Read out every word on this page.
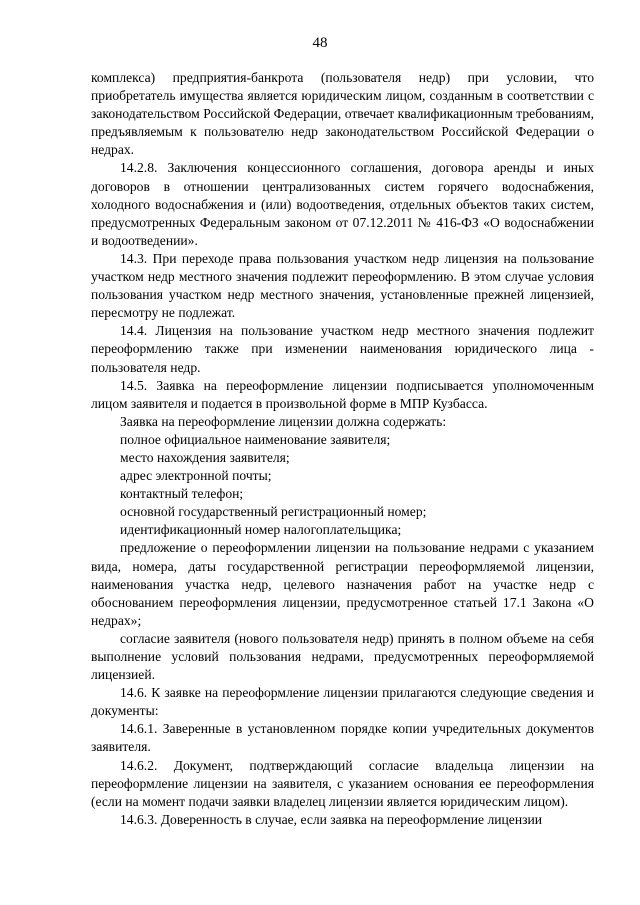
48

комплекса) предприятия-банкрота (пользователя недр) при условии, что приобретатель имущества является юридическим лицом, созданным в соответствии с законодательством Российской Федерации, отвечает квалификационным требованиям, предъявляемым к пользователю недр законодательством Российской Федерации о недрах.

14.2.8. Заключения концессионного соглашения, договора аренды и иных договоров в отношении централизованных систем горячего водоснабжения, холодного водоснабжения и (или) водоотведения, отдельных объектов таких систем, предусмотренных Федеральным законом от 07.12.2011 № 416-ФЗ «О водоснабжении и водоотведении».

14.3. При переходе права пользования участком недр лицензия на пользование участком недр местного значения подлежит переоформлению. В этом случае условия пользования участком недр местного значения, установленные прежней лицензией, пересмотру не подлежат.

14.4. Лицензия на пользование участком недр местного значения подлежит переоформлению также при изменении наименования юридического лица - пользователя недр.

14.5. Заявка на переоформление лицензии подписывается уполномоченным лицом заявителя и подается в произвольной форме в МПР Кузбасса.

Заявка на переоформление лицензии должна содержать:

полное официальное наименование заявителя;

место нахождения заявителя;

адрес электронной почты;

контактный телефон;

основной государственный регистрационный номер;

идентификационный номер налогоплательщика;

предложение о переоформлении лицензии на пользование недрами с указанием вида, номера, даты государственной регистрации переоформляемой лицензии, наименования участка недр, целевого назначения работ на участке недр с обоснованием переоформления лицензии, предусмотренное статьей 17.1 Закона «О недрах»;

согласие заявителя (нового пользователя недр) принять в полном объеме на себя выполнение условий пользования недрами, предусмотренных переоформляемой лицензией.

14.6. К заявке на переоформление лицензии прилагаются следующие сведения и документы:

14.6.1. Заверенные в установленном порядке копии учредительных документов заявителя.

14.6.2. Документ, подтверждающий согласие владельца лицензии на переоформление лицензии на заявителя, с указанием основания ее переоформления (если на момент подачи заявки владелец лицензии является юридическим лицом).

14.6.3. Доверенность в случае, если заявка на переоформление лицензии
